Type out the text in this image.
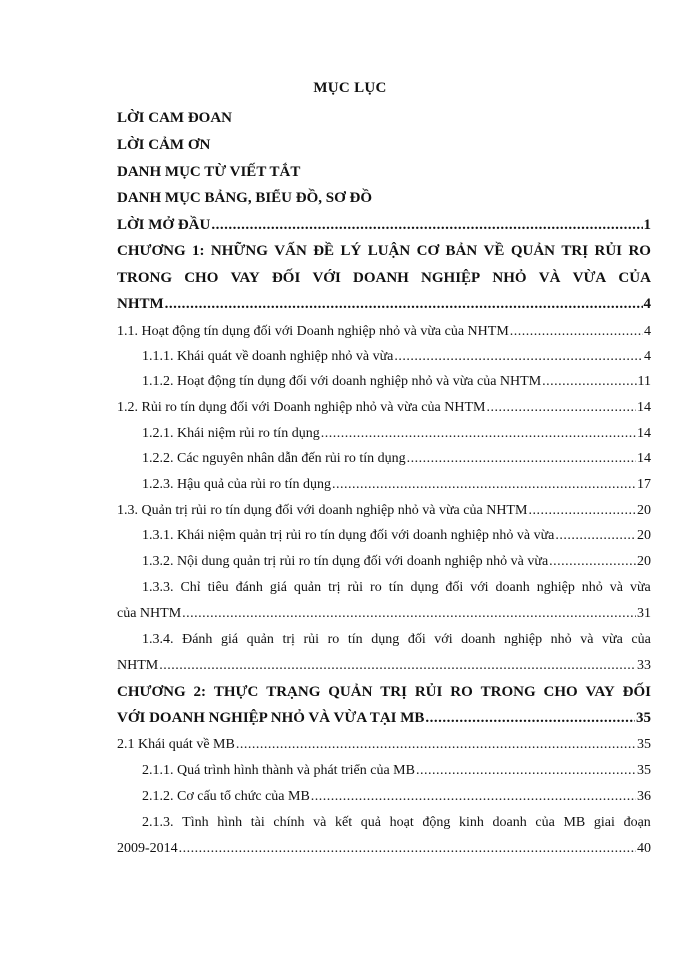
MỤC LỤC
LỜI CAM ĐOAN
LỜI CẢM ƠN
DANH MỤC TỪ VIẾT TẮT
DANH MỤC BẢNG, BIỂU ĐỒ, SƠ ĐỒ
LỜI MỞ ĐẦU .....	1
CHƯƠNG 1: NHỮNG VẤN ĐỀ LÝ LUẬN CƠ BẢN VỀ QUẢN TRỊ RỦI RO
TRONG CHO VAY ĐỐI VỚI DOANH NGHIỆP NHỎ VÀ VỪA CỦA
NHTM .....	4
1.1. Hoạt động tín dụng đối với Doanh nghiệp nhỏ và vừa của NHTM .....	4
1.1.1. Khái quát về doanh nghiệp nhỏ và vừa .....	4
1.1.2. Hoạt động tín dụng đối với doanh nghiệp nhỏ và vừa của NHTM .....	11
1.2. Rủi ro tín dụng đối với Doanh nghiệp nhỏ và vừa của NHTM .....	14
1.2.1. Khái niệm rủi ro tín dụng .....	14
1.2.2. Các nguyên nhân dẫn đến rủi ro tín dụng .....	14
1.2.3. Hậu quả của rủi ro tín dụng .....	17
1.3. Quản trị rủi ro tín dụng đối với doanh nghiệp nhỏ và vừa của NHTM .....	20
1.3.1. Khái niệm quản trị rủi ro tín dụng đối với doanh nghiệp nhỏ và vừa .....	20
1.3.2. Nội dung quản trị rủi ro tín dụng đối với doanh nghiệp nhỏ và vừa .....	20
1.3.3. Chỉ tiêu đánh giá quản trị rủi ro tín dụng đối với doanh nghiệp nhỏ và vừa
của NHTM .....	31
1.3.4. Đánh giá quản trị rủi ro tín dụng đối với doanh nghiệp nhỏ và vừa của
NHTM .....	33
CHƯƠNG 2: THỰC TRẠNG QUẢN TRỊ RỦI RO TRONG CHO VAY ĐỐI
VỚI DOANH NGHIỆP NHỎ VÀ VỪA TẠI MB .....	35
2.1 Khái quát về MB .....	35
2.1.1. Quá trình hình thành và phát triển của MB .....	35
2.1.2. Cơ cấu tổ chức của MB .....	36
2.1.3. Tình hình tài chính và kết quả hoạt động kinh doanh của MB giai đoạn
2009-2014 .....	40
